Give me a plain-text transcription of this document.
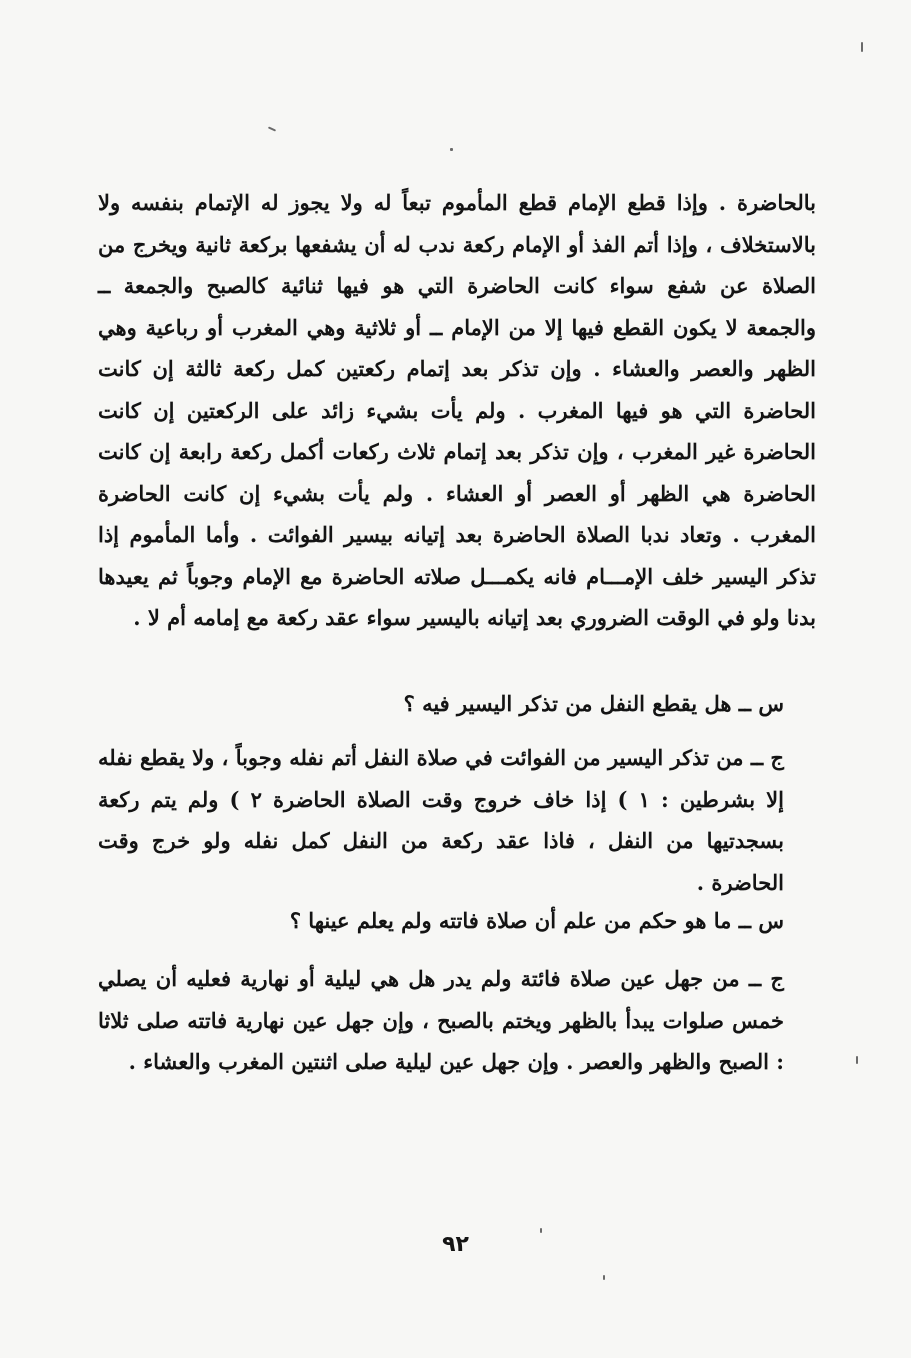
بالحاضرة . وإذا قطع الإمام قطع المأموم تبعاً له ولا يجوز له الإتمام بنفسه ولا بالاستخلاف ، وإذا أتم الفذ أو الإمام ركعة ندب له أن يشفعها بركعة ثانية ويخرج من الصلاة عن شفع سواء كانت الحاضرة التي هو فيها ثنائية كالصبح والجمعة ــ والجمعة لا يكون القطع فيها إلا من الإمام ــ أو ثلاثية وهي المغرب أو رباعية وهي الظهر والعصر والعشاء . وإن تذكر بعد إتمام ركعتين كمل ركعة ثالثة إن كانت الحاضرة التي هو فيها المغرب . ولم يأت بشيء زائد على الركعتين إن كانت الحاضرة غير المغرب ، وإن تذكر بعد إتمام ثلاث ركعات أكمل ركعة رابعة إن كانت الحاضرة هي الظهر أو العصر أو العشاء . ولم يأت بشيء إن كانت الحاضرة المغرب . وتعاد ندبا الصلاة الحاضرة بعد إتيانه بيسير الفوائت . وأما المأموم إذا تذكر اليسير خلف الإمـــام فانه يكمـــل صلاته الحاضرة مع الإمام وجوباً ثم يعيدها بدنا ولو في الوقت الضروري بعد إتيانه باليسير سواء عقد ركعة مع إمامه أم لا .

س ــ هل يقطع النفل من تذكر اليسير فيه ؟

ج ــ من تذكر اليسير من الفوائت في صلاة النفل أتم نفله وجوباً ، ولا يقطع نفله إلا بشرطين : ١ ) إذا خاف خروج وقت الصلاة الحاضرة ٢ ) ولم يتم ركعة بسجدتيها من النفل ، فاذا عقد ركعة من النفل كمل نفله ولو خرج وقت الحاضرة .

س ــ ما هو حكم من علم أن صلاة فاتته ولم يعلم عينها ؟

ج ــ من جهل عين صلاة فائتة ولم يدر هل هي ليلية أو نهارية فعليه أن يصلي خمس صلوات يبدأ بالظهر ويختم بالصبح ، وإن جهل عين نهارية فاتته صلى ثلاثا : الصبح والظهر والعصر . وإن جهل عين ليلية صلى اثنتين المغرب والعشاء .

٩٢
